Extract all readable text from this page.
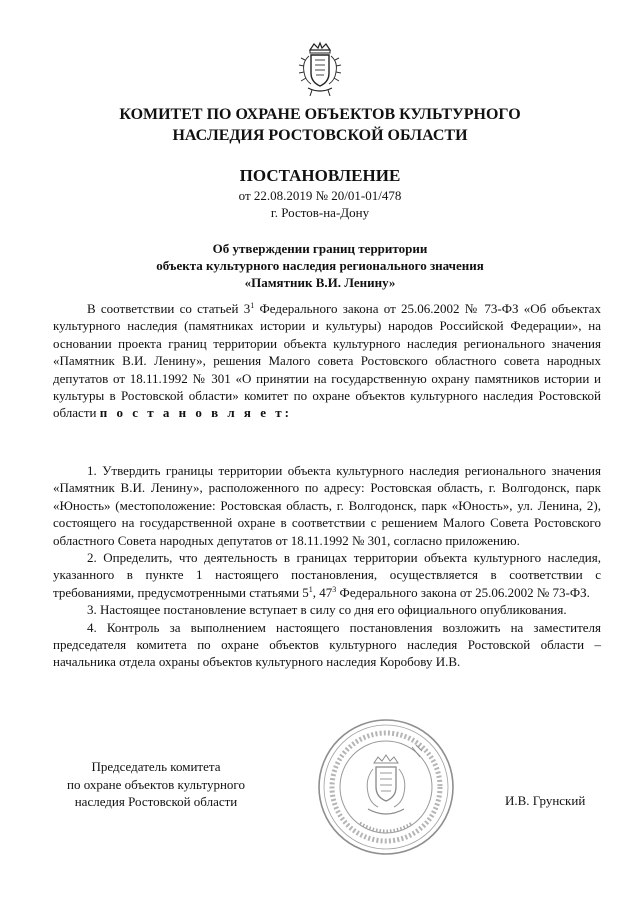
КОМИТЕТ ПО ОХРАНЕ ОБЪЕКТОВ КУЛЬТУРНОГО
НАСЛЕДИЯ РОСТОВСКОЙ ОБЛАСТИ
ПОСТАНОВЛЕНИЕ
от 22.08.2019 № 20/01-01/478
г. Ростов-на-Дону
Об утверждении границ территории
объекта культурного наследия регионального значения
«Памятник В.И. Ленину»

В соответствии со статьей $3^1$ Федерального закона от 25.06.2002 № 73-ФЗ «Об объектах культурного наследия (памятниках истории и культуры) народов Российской Федерации», на основании проекта границ территории объекта культурного наследия регионального значения «Памятник В.И. Ленину», решения Малого совета Ростовского областного совета народных депутатов от 18.11.1992 № 301 «О принятии на государственную охрану памятников истории и культуры в Ростовской области» комитет по охране объектов культурного наследия Ростовской области п о с т а н о в л я е т:

1. Утвердить границы территории объекта культурного наследия регионального значения «Памятник В.И. Ленину», расположенного по адресу: Ростовская область, г. Волгодонск, парк «Юность» (местоположение: Ростовская область, г. Волгодонск, парк «Юность», ул. Ленина, 2), состоящего на государственной охране в соответствии с решением Малого Совета Ростовского областного Совета народных депутатов от 18.11.1992 № 301, согласно приложению.

2. Определить, что деятельность в границах территории объекта культурного наследия, указанного в пункте 1 настоящего постановления, осуществляется в соответствии с требованиями, предусмотренными статьями $5^1$, $47^3$ Федерального закона от 25.06.2002 № 73-ФЗ.

3. Настоящее постановление вступает в силу со дня его официального опубликования.

4. Контроль за выполнением настоящего постановления возложить на заместителя председателя комитета по охране объектов культурного наследия Ростовской области – начальника отдела охраны объектов культурного наследия Коробову И.В.

Председатель комитета
по охране объектов культурного
наследия Ростовской области	И.В. Грунский
